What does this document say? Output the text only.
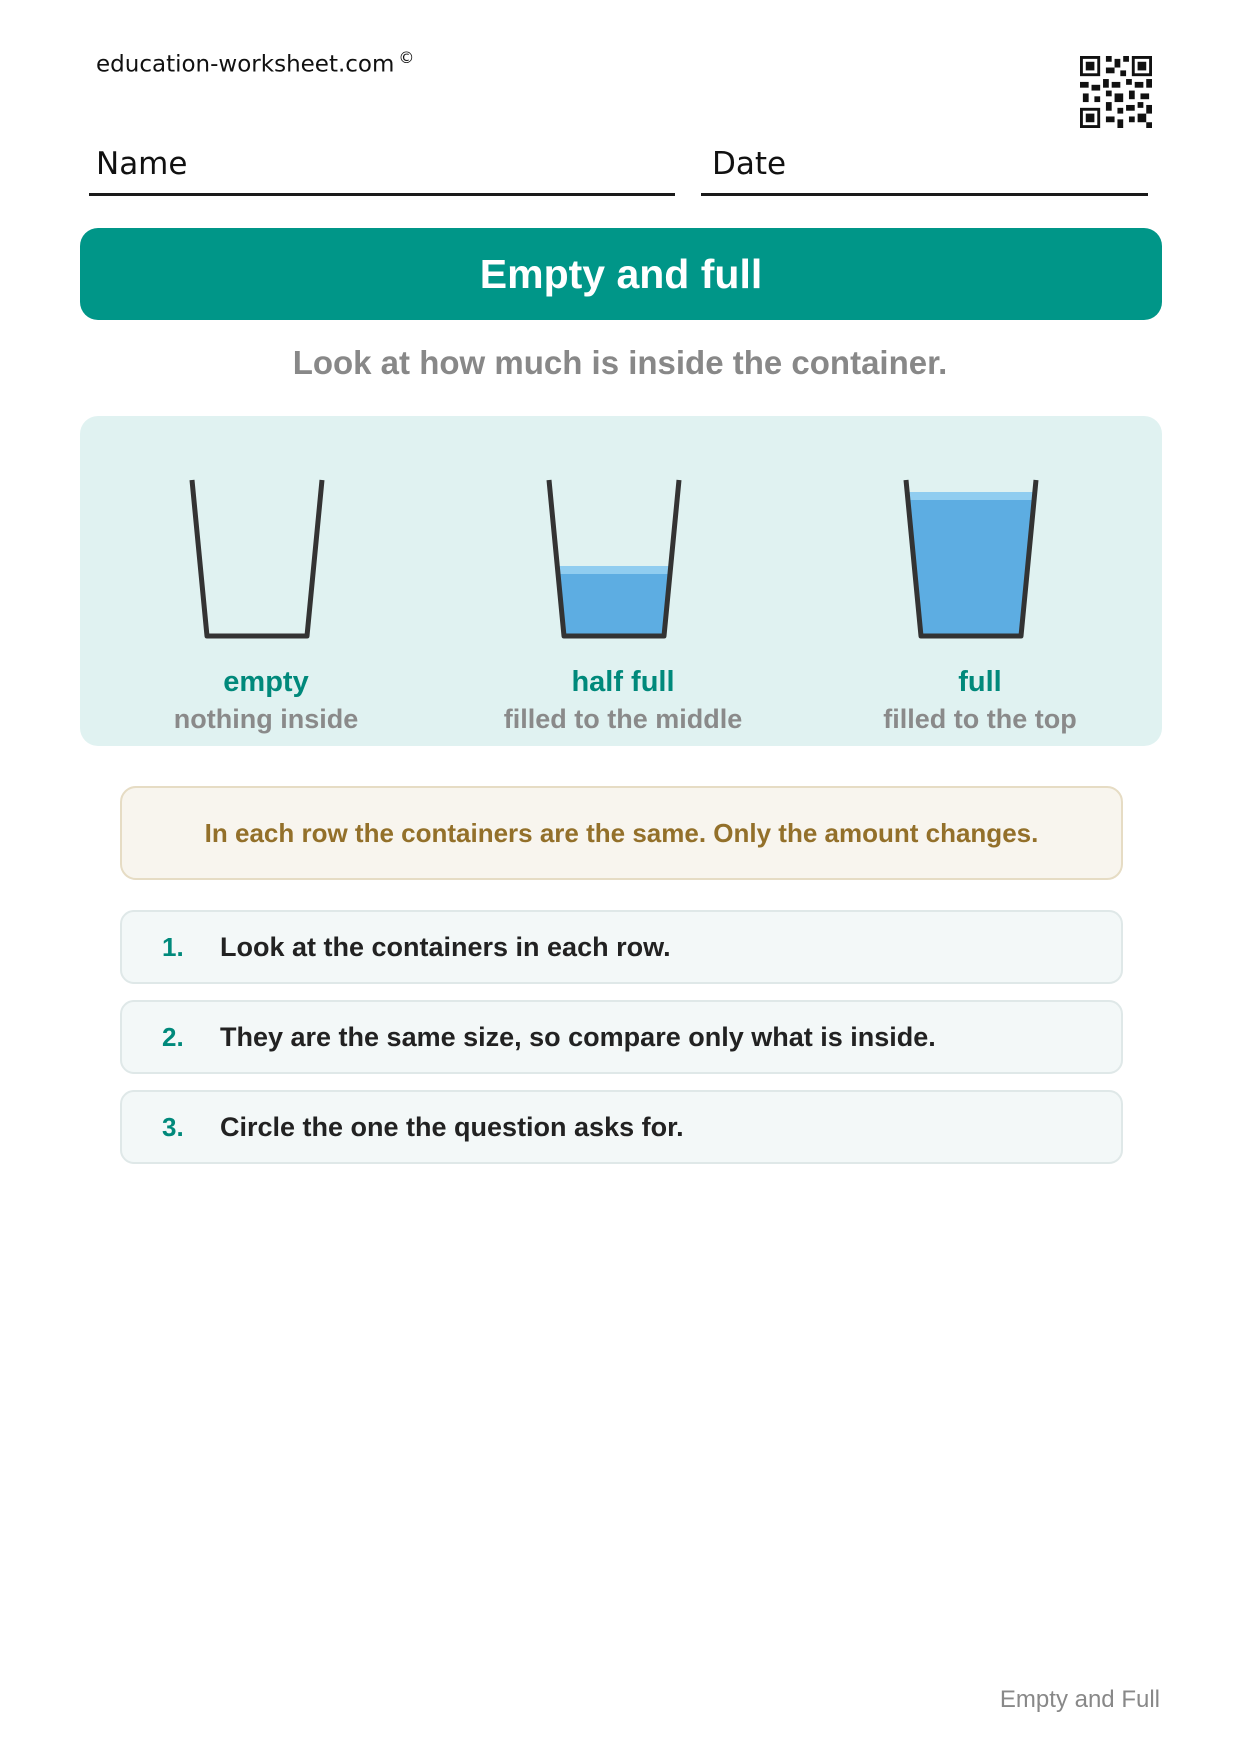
education-worksheet.com ©
Name	Date
Empty and full
Look at how much is inside the container.
empty
nothing inside
half full
filled to the middle
full
filled to the top
In each row the containers are the same. Only the amount changes.
1.	Look at the containers in each row.
2.	They are the same size, so compare only what is inside.
3.	Circle the one the question asks for.
Empty and Full
